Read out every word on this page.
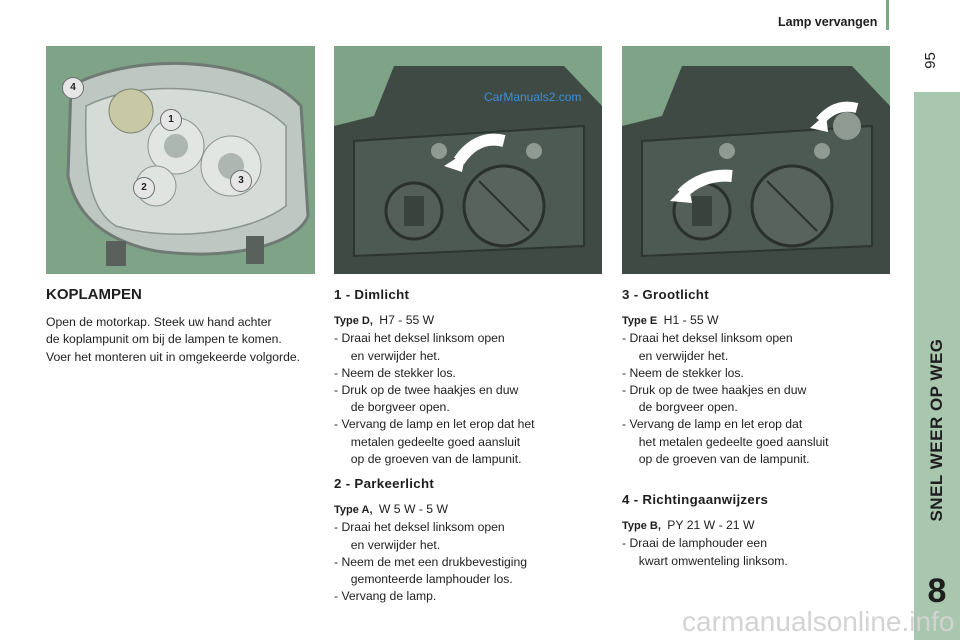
Lamp vervangen
95
SNEL WEER OP WEG
8
4
1
2
3
CarManuals2.com
KOPLAMPEN

Open de motorkap. Steek uw hand achter

de koplampunit om bij de lampen te komen.

Voer het monteren uit in omgekeerde volgorde.

1 - Dimlicht

Type D, H7 - 55 W

- Draai het deksel linksom open
en verwijder het.

- Neem de stekker los.

- Druk op de twee haakjes en duw
de borgveer open.

- Vervang de lamp en let erop dat het
metalen gedeelte goed aansluit
op de groeven van de lampunit.

2 - Parkeerlicht

Type A, W 5 W - 5 W

- Draai het deksel linksom open
en verwijder het.

- Neem de met een drukbevestiging
gemonteerde lamphouder los.

- Vervang de lamp.

3 - Grootlicht

Type E H1 - 55 W

- Draai het deksel linksom open
en verwijder het.

- Neem de stekker los.

- Druk op de twee haakjes en duw
de borgveer open.

- Vervang de lamp en let erop dat
het metalen gedeelte goed aansluit
op de groeven van de lampunit.

4 - Richtingaanwijzers

Type B, PY 21 W - 21 W

- Draai de lamphouder een
kwart omwenteling linksom.

carmanualsonline.info
